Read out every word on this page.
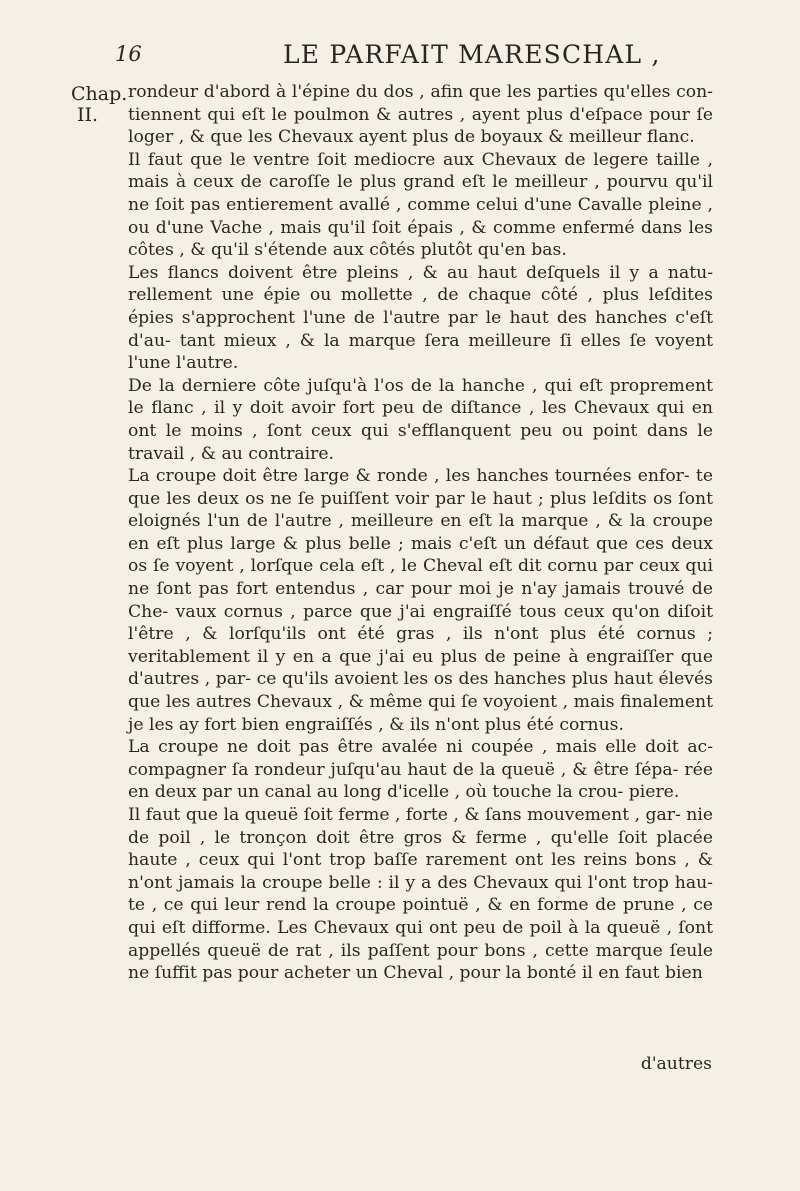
16	LE PARFAIT MARESCHAL ,
Chap.
II.
rondeur d'abord à l'épine du dos , afin que les parties qu'elles con- tiennent qui eſt le poulmon & autres , ayent plus d'eſpace pour ſe loger , & que les Chevaux ayent plus de boyaux & meilleur flanc.
Il faut que le ventre ſoit mediocre aux Chevaux de legere taille , mais à ceux de caroſſe le plus grand eſt le meilleur , pourvu qu'il ne ſoit pas entierement avallé , comme celui d'une Cavalle pleine , ou d'une Vache , mais qu'il ſoit épais , & comme enfermé dans les côtes , & qu'il s'étende aux côtés plutôt qu'en bas.
Les flancs doivent être pleins , & au haut deſquels il y a natu- rellement une épie ou mollette , de chaque côté , plus leſdites épies s'approchent l'une de l'autre par le haut des hanches c'eſt d'au- tant mieux , & la marque ſera meilleure ſi elles ſe voyent l'une l'autre.
De la derniere côte juſqu'à l'os de la hanche , qui eſt proprement le flanc , il y doit avoir fort peu de diſtance , les Chevaux qui en ont le moins , ſont ceux qui s'efflanquent peu ou point dans le travail , & au contraire.
La croupe doit être large & ronde , les hanches tournées enfor- te que les deux os ne ſe puiſſent voir par le haut ; plus leſdits os ſont eloignés l'un de l'autre , meilleure en eſt la marque , & la croupe en eſt plus large & plus belle ; mais c'eſt un défaut que ces deux os ſe voyent , lorſque cela eſt , le Cheval eſt dit cornu par ceux qui ne ſont pas fort entendus , car pour moi je n'ay jamais trouvé de Che- vaux cornus , parce que j'ai engraiſſé tous ceux qu'on diſoit l'être , & lorſqu'ils ont été gras , ils n'ont plus été cornus ; veritablement il y en a que j'ai eu plus de peine à engraiſſer que d'autres , par- ce qu'ils avoient les os des hanches plus haut élevés que les autres Chevaux , & même qui ſe voyoient , mais finalement je les ay fort bien engraiſſés , & ils n'ont plus été cornus.
La croupe ne doit pas être avalée ni coupée , mais elle doit ac- compagner ſa rondeur juſqu'au haut de la queuë , & être ſépa- rée en deux par un canal au long d'icelle , où touche la crou- piere.
Il faut que la queuë ſoit ferme , forte , & ſans mouvement , gar- nie de poil , le tronçon doit être gros & ferme , qu'elle ſoit placée haute , ceux qui l'ont trop baſſe rarement ont les reins bons , & n'ont jamais la croupe belle : il y a des Chevaux qui l'ont trop hau- te , ce qui leur rend la croupe pointuë , & en forme de prune , ce qui eſt difforme. Les Chevaux qui ont peu de poil à la queuë , ſont appellés queuë de rat , ils paſſent pour bons , cette marque ſeule ne ſuffit pas pour acheter un Cheval , pour la bonté il en faut bien
d'autres
